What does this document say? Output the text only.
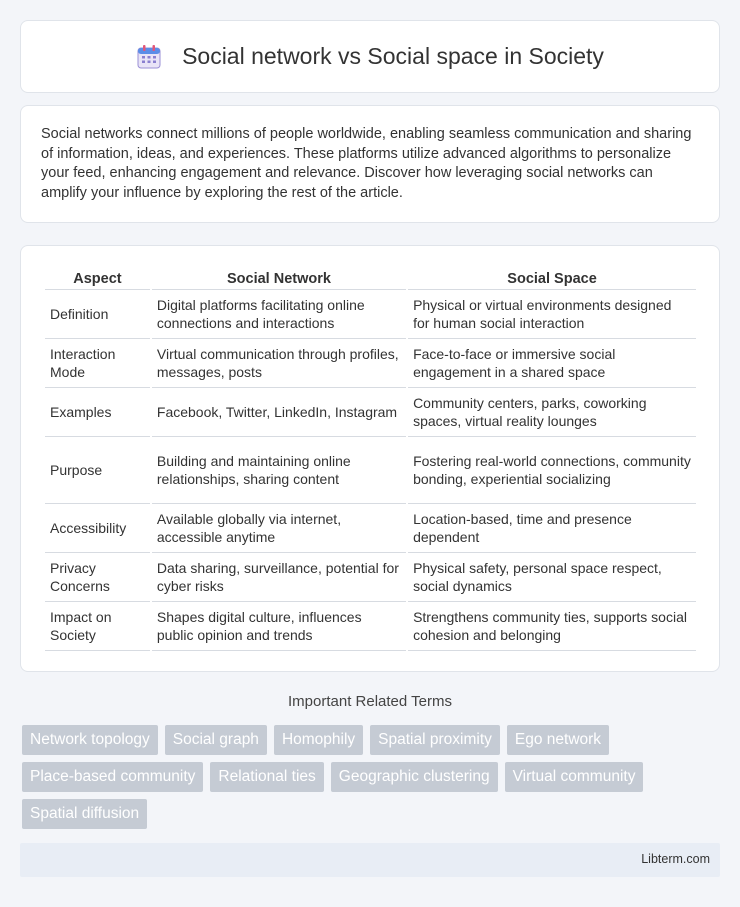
Social network vs Social space in Society

Social networks connect millions of people worldwide, enabling seamless communication and sharing of information, ideas, and experiences. These platforms utilize advanced algorithms to personalize your feed, enhancing engagement and relevance. Discover how leveraging social networks can amplify your influence by exploring the rest of the article.

Aspect	Social Network	Social Space
Definition	Digital platforms facilitating online connections and interactions	Physical or virtual environments designed for human social interaction
Interaction Mode	Virtual communication through profiles, messages, posts	Face-to-face or immersive social engagement in a shared space
Examples	Facebook, Twitter, LinkedIn, Instagram	Community centers, parks, coworking spaces, virtual reality lounges
Purpose	Building and maintaining online relationships, sharing content	Fostering real-world connections, community bonding, experiential socializing
Accessibility	Available globally via internet, accessible anytime	Location-based, time and presence dependent
Privacy Concerns	Data sharing, surveillance, potential for cyber risks	Physical safety, personal space respect, social dynamics
Impact on Society	Shapes digital culture, influences public opinion and trends	Strengthens community ties, supports social cohesion and belonging
Important Related Terms
Network topology	Social graph	Homophily	Spatial proximity	Ego network
Place-based community	Relational ties	Geographic clustering	Virtual community
Spatial diffusion
Libterm.com
